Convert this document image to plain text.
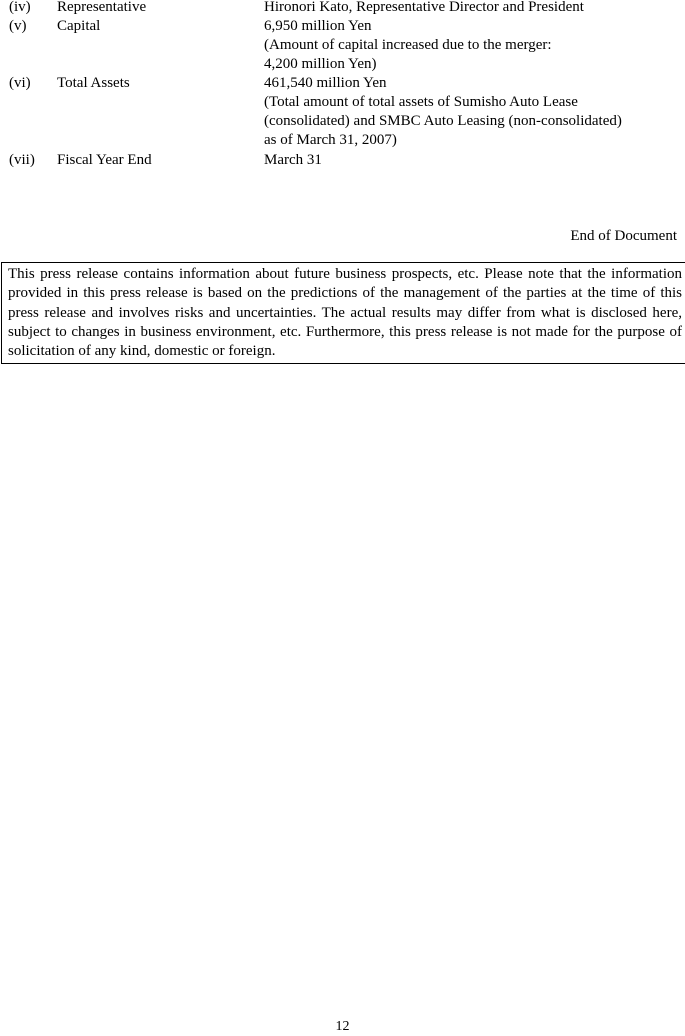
(iv) Representative	Hironori Kato, Representative Director and President
(v) Capital	6,950 million Yen
(Amount of capital increased due to the merger:
4,200 million Yen)
(vi) Total Assets	461,540 million Yen
(Total amount of total assets of Sumisho Auto Lease
(consolidated) and SMBC Auto Leasing (non-consolidated)
as of March 31, 2007)
(vii) Fiscal Year End	March 31
End of Document
This press release contains information about future business prospects, etc. Please note that the information provided in this press release is based on the predictions of the management of the parties at the time of this press release and involves risks and uncertainties. The actual results may differ from what is disclosed here, subject to changes in business environment, etc. Furthermore, this press release is not made for the purpose of solicitation of any kind, domestic or foreign.
12
